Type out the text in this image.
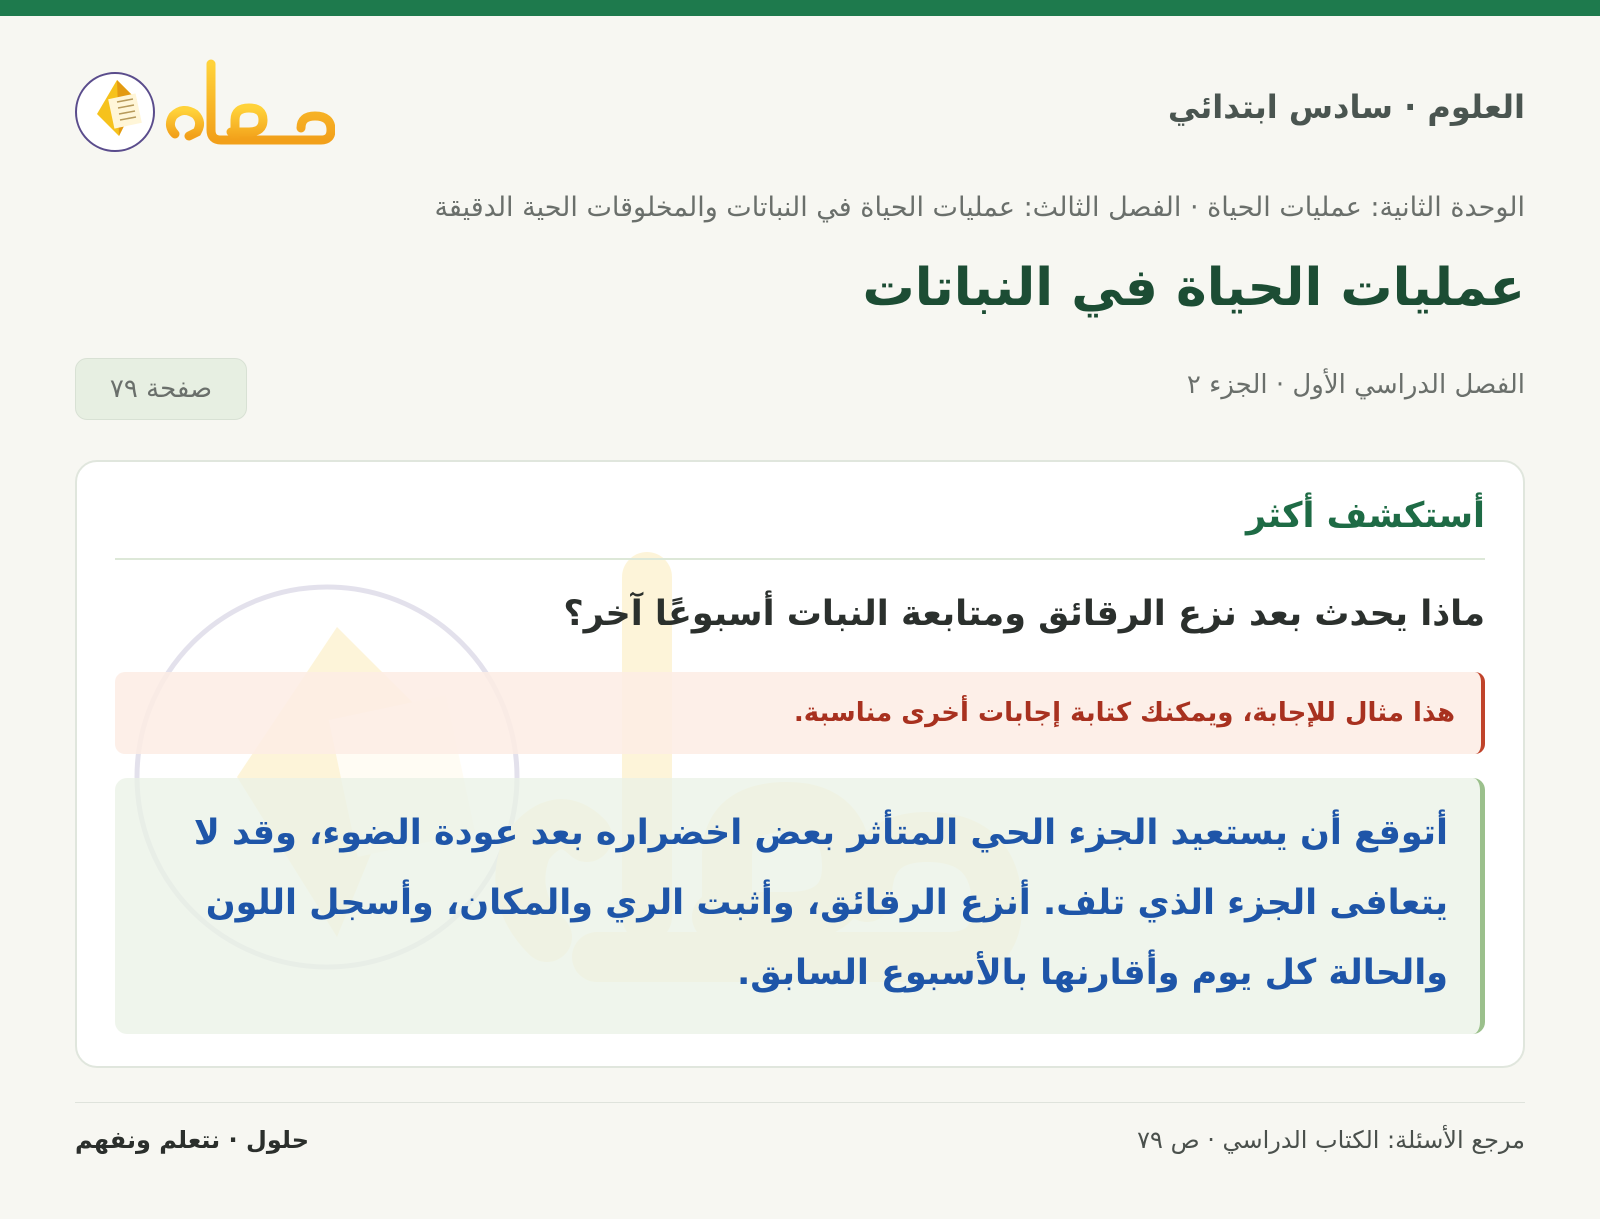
العلوم · سادس ابتدائي
الوحدة الثانية: عمليات الحياة · الفصل الثالث: عمليات الحياة في النباتات والمخلوقات الحية الدقيقة
عمليات الحياة في النباتات
الفصل الدراسي الأول · الجزء ٢
صفحة ٧٩
أستكشف أكثر
ماذا يحدث بعد نزع الرقائق ومتابعة النبات أسبوعًا آخر؟
هذا مثال للإجابة، ويمكنك كتابة إجابات أخرى مناسبة.
أتوقع أن يستعيد الجزء الحي المتأثر بعض اخضراره بعد عودة الضوء، وقد لا يتعافى الجزء الذي تلف. أنزع الرقائق، وأثبت الري والمكان، وأسجل اللون والحالة كل يوم وأقارنها بالأسبوع السابق.
مرجع الأسئلة: الكتاب الدراسي · ص ٧٩
حلول · نتعلم ونفهم
